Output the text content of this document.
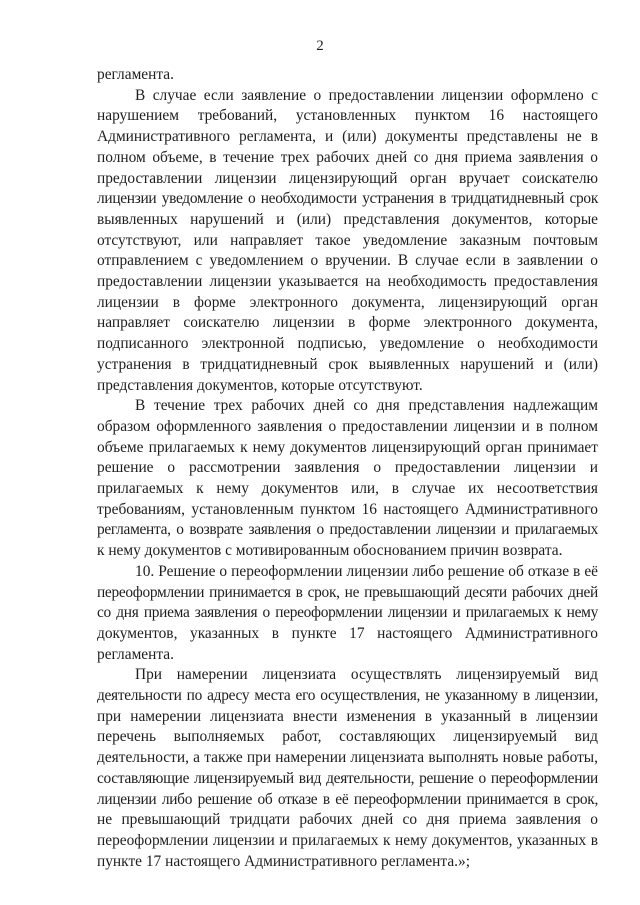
2
регламента.
В случае если заявление о предоставлении лицензии оформлено с
нарушением требований, установленных пунктом 16 настоящего
Административного регламента, и (или) документы представлены не в
полном объеме, в течение трех рабочих дней со дня приема заявления о
предоставлении лицензии лицензирующий орган вручает соискателю
лицензии уведомление о необходимости устранения в тридцатидневный срок
выявленных нарушений и (или) представления документов, которые
отсутствуют, или направляет такое уведомление заказным почтовым
отправлением с уведомлением о вручении. В случае если в заявлении о
предоставлении лицензии указывается на необходимость предоставления
лицензии в форме электронного документа, лицензирующий орган
направляет соискателю лицензии в форме электронного документа,
подписанного электронной подписью, уведомление о необходимости
устранения в тридцатидневный срок выявленных нарушений и (или)
представления документов, которые отсутствуют.
В течение трех рабочих дней со дня представления надлежащим
образом оформленного заявления о предоставлении лицензии и в полном
объеме прилагаемых к нему документов лицензирующий орган принимает
решение о рассмотрении заявления о предоставлении лицензии и
прилагаемых к нему документов или, в случае их несоответствия
требованиям, установленным пунктом 16 настоящего Административного
регламента, о возврате заявления о предоставлении лицензии и прилагаемых
к нему документов с мотивированным обоснованием причин возврата.
10. Решение о переоформлении лицензии либо решение об отказе в её
переоформлении принимается в срок, не превышающий десяти рабочих дней
со дня приема заявления о переоформлении лицензии и прилагаемых к нему
документов, указанных в пункте 17 настоящего Административного
регламента.
При намерении лицензиата осуществлять лицензируемый вид
деятельности по адресу места его осуществления, не указанному в лицензии,
при намерении лицензиата внести изменения в указанный в лицензии
перечень выполняемых работ, составляющих лицензируемый вид
деятельности, а также при намерении лицензиата выполнять новые работы,
составляющие лицензируемый вид деятельности, решение о переоформлении
лицензии либо решение об отказе в её переоформлении принимается в срок,
не превышающий тридцати рабочих дней со дня приема заявления о
переоформлении лицензии и прилагаемых к нему документов, указанных в
пункте 17 настоящего Административного регламента.»;
